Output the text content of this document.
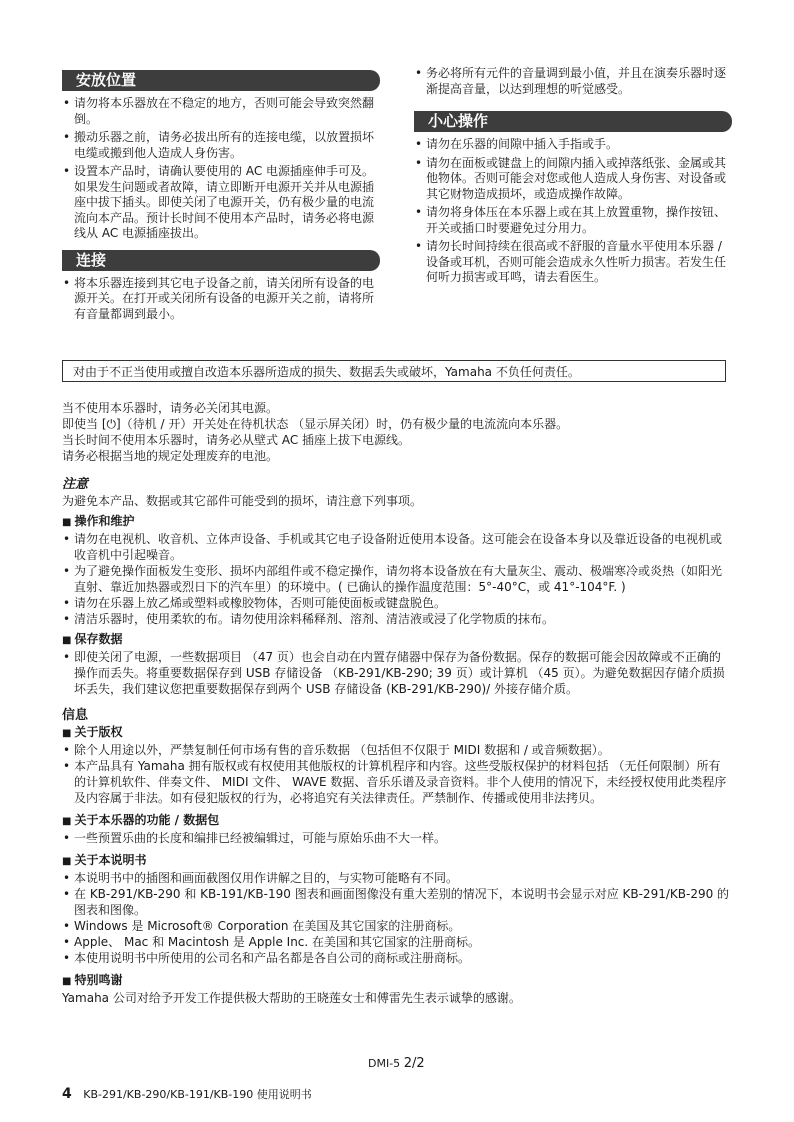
安放位置
• 请勿将本乐器放在不稳定的地方，否则可能会导致突然翻倒。
• 搬动乐器之前，请务必拔出所有的连接电缆，以放置损坏电缆或搬到他人造成人身伤害。
• 设置本产品时，请确认要使用的 AC 电源插座伸手可及。如果发生问题或者故障，请立即断开电源开关并从电源插座中拔下插头。即使关闭了电源开关，仍有极少量的电流流向本产品。预计长时间不使用本产品时，请务必将电源线从 AC 电源插座拔出。
连接
• 将本乐器连接到其它电子设备之前，请关闭所有设备的电源开关。在打开或关闭所有设备的电源开关之前，请将所有音量都调到最小。
• 务必将所有元件的音量调到最小值，并且在演奏乐器时逐渐提高音量，以达到理想的听觉感受。
小心操作
• 请勿在乐器的间隙中插入手指或手。
• 请勿在面板或键盘上的间隙内插入或掉落纸张、金属或其他物体。否则可能会对您或他人造成人身伤害、对设备或其它财物造成损坏，或造成操作故障。
• 请勿将身体压在本乐器上或在其上放置重物，操作按钮、开关或插口时要避免过分用力。
• 请勿长时间持续在很高或不舒服的音量水平使用本乐器 / 设备或耳机，否则可能会造成永久性听力损害。若发生任何听力损害或耳鸣，请去看医生。
对由于不正当使用或擅自改造本乐器所造成的损失、数据丢失或破坏，Yamaha 不负任何责任。
当不使用本乐器时，请务必关闭其电源。
即使当 [⏻]（待机 / 开）开关处在待机状态 （显示屏关闭）时，仍有极少量的电流流向本乐器。
当长时间不使用本乐器时，请务必从壁式 AC 插座上拔下电源线。
请务必根据当地的规定处理废弃的电池。
注意
为避免本产品、数据或其它部件可能受到的损坏，请注意下列事项。
■ 操作和维护
• 请勿在电视机、收音机、立体声设备、手机或其它电子设备附近使用本设备。这可能会在设备本身以及靠近设备的电视机或收音机中引起噪音。
• 为了避免操作面板发生变形、损坏内部组件或不稳定操作，请勿将本设备放在有大量灰尘、震动、极端寒冷或炎热（如阳光直射、靠近加热器或烈日下的汽车里）的环境中。( 已确认的操作温度范围：5°-40°C，或 41°-104°F. )
• 请勿在乐器上放乙烯或塑料或橡胶物体，否则可能使面板或键盘脱色。
• 清洁乐器时，使用柔软的布。请勿使用涂料稀释剂、溶剂、清洁液或浸了化学物质的抹布。
■ 保存数据
• 即使关闭了电源，一些数据项目 （47 页）也会自动在内置存储器中保存为备份数据。保存的数据可能会因故障或不正确的操作而丢失。将重要数据保存到 USB 存储设备 （KB-291/KB-290; 39 页）或计算机 （45 页）。为避免数据因存储介质损坏丢失，我们建议您把重要数据保存到两个 USB 存储设备 (KB-291/KB-290)/ 外接存储介质。
信息
■ 关于版权
• 除个人用途以外，严禁复制任何市场有售的音乐数据 （包括但不仅限于 MIDI 数据和 / 或音频数据）。
• 本产品具有 Yamaha 拥有版权或有权使用其他版权的计算机程序和内容。这些受版权保护的材料包括 （无任何限制）所有的计算机软件、伴奏文件、 MIDI 文件、 WAVE 数据、音乐乐谱及录音资料。非个人使用的情况下，未经授权使用此类程序及内容属于非法。如有侵犯版权的行为，必将追究有关法律责任。严禁制作、传播或使用非法拷贝。
■ 关于本乐器的功能 / 数据包
• 一些预置乐曲的长度和编排已经被编辑过，可能与原始乐曲不大一样。
■ 关于本说明书
• 本说明书中的插图和画面截图仅用作讲解之目的，与实物可能略有不同。
• 在 KB-291/KB-290 和 KB-191/KB-190 图表和画面图像没有重大差别的情况下，本说明书会显示对应 KB-291/KB-290 的图表和图像。
• Windows 是 Microsoft® Corporation 在美国及其它国家的注册商标。
• Apple、 Mac 和 Macintosh 是 Apple Inc. 在美国和其它国家的注册商标。
• 本使用说明书中所使用的公司名和产品名都是各自公司的商标或注册商标。
■ 特别鸣谢
Yamaha 公司对给予开发工作提供极大帮助的王晓莲女士和傅雷先生表示诚挚的感谢。
DMI-5 2/2
4 KB-291/KB-290/KB-191/KB-190 使用说明书
